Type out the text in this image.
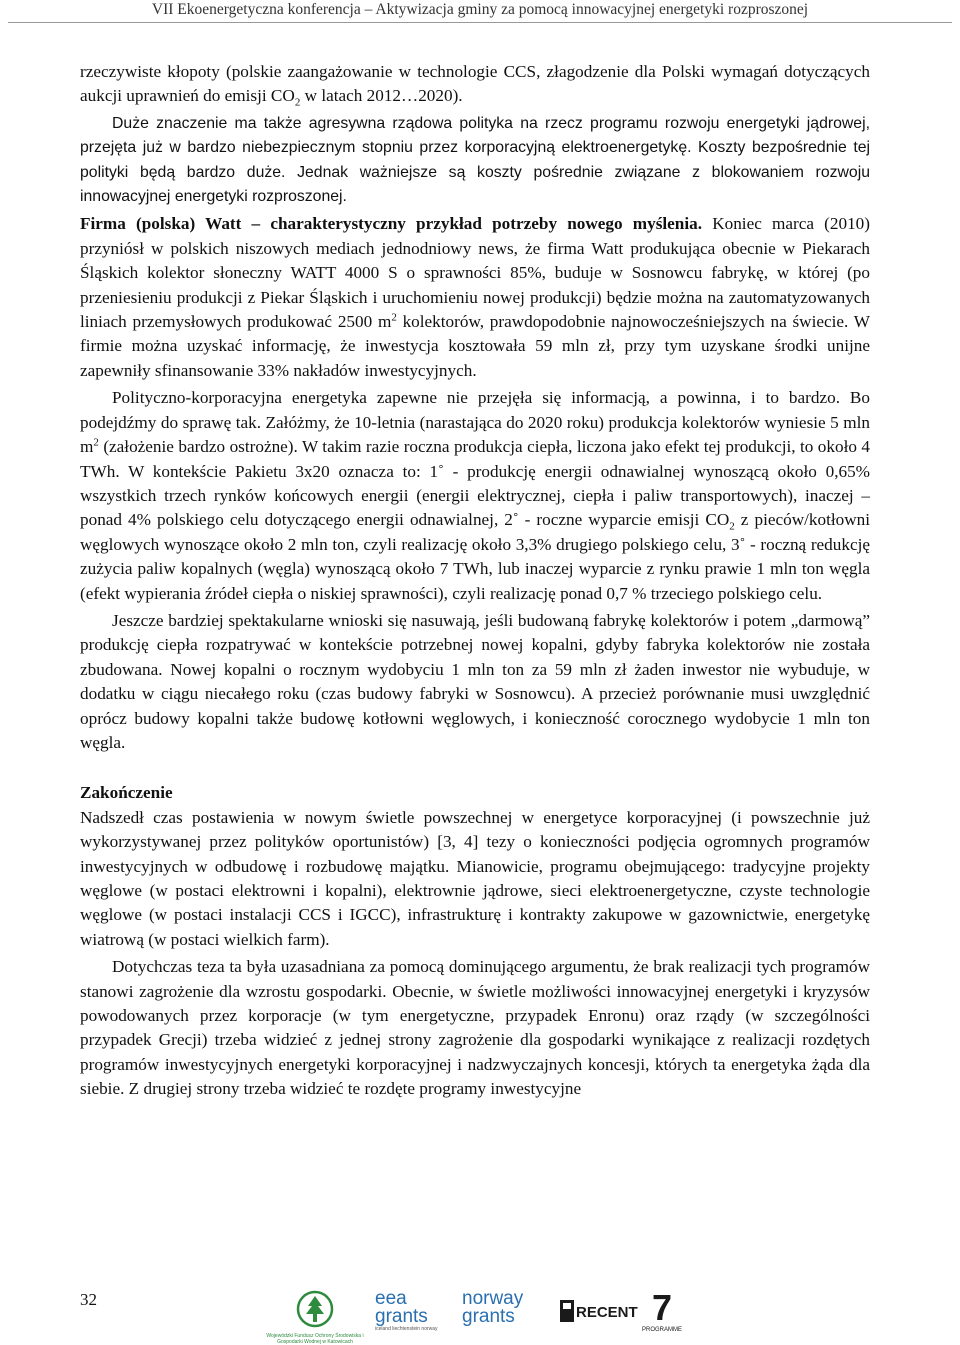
VII Ekoenergetyczna konferencja – Aktywizacja gminy za pomocą innowacyjnej energetyki rozproszonej

rzeczywiste kłopoty (polskie zaangażowanie w technologie CCS, złagodzenie dla Polski wymagań dotyczących aukcji uprawnień do emisji $CO_2$ w latach 2012…2020).

Duże znaczenie ma także agresywna rządowa polityka na rzecz programu rozwoju energetyki jądrowej, przejęta już w bardzo niebezpiecznym stopniu przez korporacyjną elektroenergetykę. Koszty bezpośrednie tej polityki będą bardzo duże. Jednak ważniejsze są koszty pośrednie związane z blokowaniem rozwoju innowacyjnej energetyki rozproszonej.

Firma (polska) Watt – charakterystyczny przykład potrzeby nowego myślenia. Koniec marca (2010) przyniósł w polskich niszowych mediach jednodniowy news, że firma Watt produkująca obecnie w Piekarach Śląskich kolektor słoneczny WATT 4000 S o sprawności 85%, buduje w Sosnowcu fabrykę, w której (po przeniesieniu produkcji z Piekar Śląskich i uruchomieniu nowej produkcji) będzie można na zautomatyzowanych liniach przemysłowych produkować 2500 $m^2$ kolektorów, prawdopodobnie najnowocześniejszych na świecie. W firmie można uzyskać informację, że inwestycja kosztowała 59 mln zł, przy tym uzyskane środki unijne zapewniły sfinansowanie 33% nakładów inwestycyjnych.

Polityczno-korporacyjna energetyka zapewne nie przejęła się informacją, a powinna, i to bardzo. Bo podejdźmy do sprawę tak. Załóżmy, że 10-letnia (narastająca do 2020 roku) produkcja kolektorów wyniesie 5 mln $m^2$ (założenie bardzo ostrożne). W takim razie roczna produkcja ciepła, liczona jako efekt tej produkcji, to około 4 TWh. W kontekście Pakietu 3x20 oznacza to: 1˚ - produkcję energii odnawialnej wynoszącą około 0,65% wszystkich trzech rynków końcowych energii (energii elektrycznej, ciepła i paliw transportowych), inaczej – ponad 4% polskiego celu dotyczącego energii odnawialnej, 2˚ - roczne wyparcie emisji $CO_2$ z pieców/kotłowni węglowych wynoszące około 2 mln ton, czyli realizację około 3,3% drugiego polskiego celu, 3˚ - roczną redukcję zużycia paliw kopalnych (węgla) wynoszącą około 7 TWh, lub inaczej wyparcie z rynku prawie 1 mln ton węgla (efekt wypierania źródeł ciepła o niskiej sprawności), czyli realizację ponad 0,7 % trzeciego polskiego celu.

Jeszcze bardziej spektakularne wnioski się nasuwają, jeśli budowaną fabrykę kolektorów i potem „darmową” produkcję ciepła rozpatrywać w kontekście potrzebnej nowej kopalni, gdyby fabryka kolektorów nie została zbudowana. Nowej kopalni o rocznym wydobyciu 1 mln ton za 59 mln zł żaden inwestor nie wybuduje, w dodatku w ciągu niecałego roku (czas budowy fabryki w Sosnowcu). A przecież porównanie musi uwzględnić oprócz budowy kopalni także budowę kotłowni węglowych, i konieczność corocznego wydobycie 1 mln ton węgla.

Zakończenie

Nadszedł czas postawienia w nowym świetle powszechnej w energetyce korporacyjnej (i powszechnie już wykorzystywanej przez polityków oportunistów) [3, 4] tezy o konieczności podjęcia ogromnych programów inwestycyjnych w odbudowę i rozbudowę majątku. Mianowicie, programu obejmującego: tradycyjne projekty węglowe (w postaci elektrowni i kopalni), elektrownie jądrowe, sieci elektroenergetyczne, czyste technologie węglowe (w postaci instalacji CCS i IGCC), infrastrukturę i kontrakty zakupowe w gazownictwie, energetykę wiatrową (w postaci wielkich farm).

Dotychczas teza ta była uzasadniana za pomocą dominującego argumentu, że brak realizacji tych programów stanowi zagrożenie dla wzrostu gospodarki. Obecnie, w świetle możliwości innowacyjnej energetyki i kryzysów powodowanych przez korporacje (w tym energetyczne, przypadek Enronu) oraz rządy (w szczególności przypadek Grecji) trzeba widzieć z jednej strony zagrożenie dla gospodarki wynikające z realizacji rozdętych programów inwestycyjnych energetyki korporacyjnej i nadzwyczajnych koncesji, których ta energetyka żąda dla siebie. Z drugiej strony trzeba widzieć te rozdęte programy inwestycyjne

32
Wojewódzki Fundusz Ochrony Środowiska i Gospodarki Wodnej w Katowicach
eea
grants
iceland liechtenstein norway
norway
grants	RECENT 7
PROGRAMME
